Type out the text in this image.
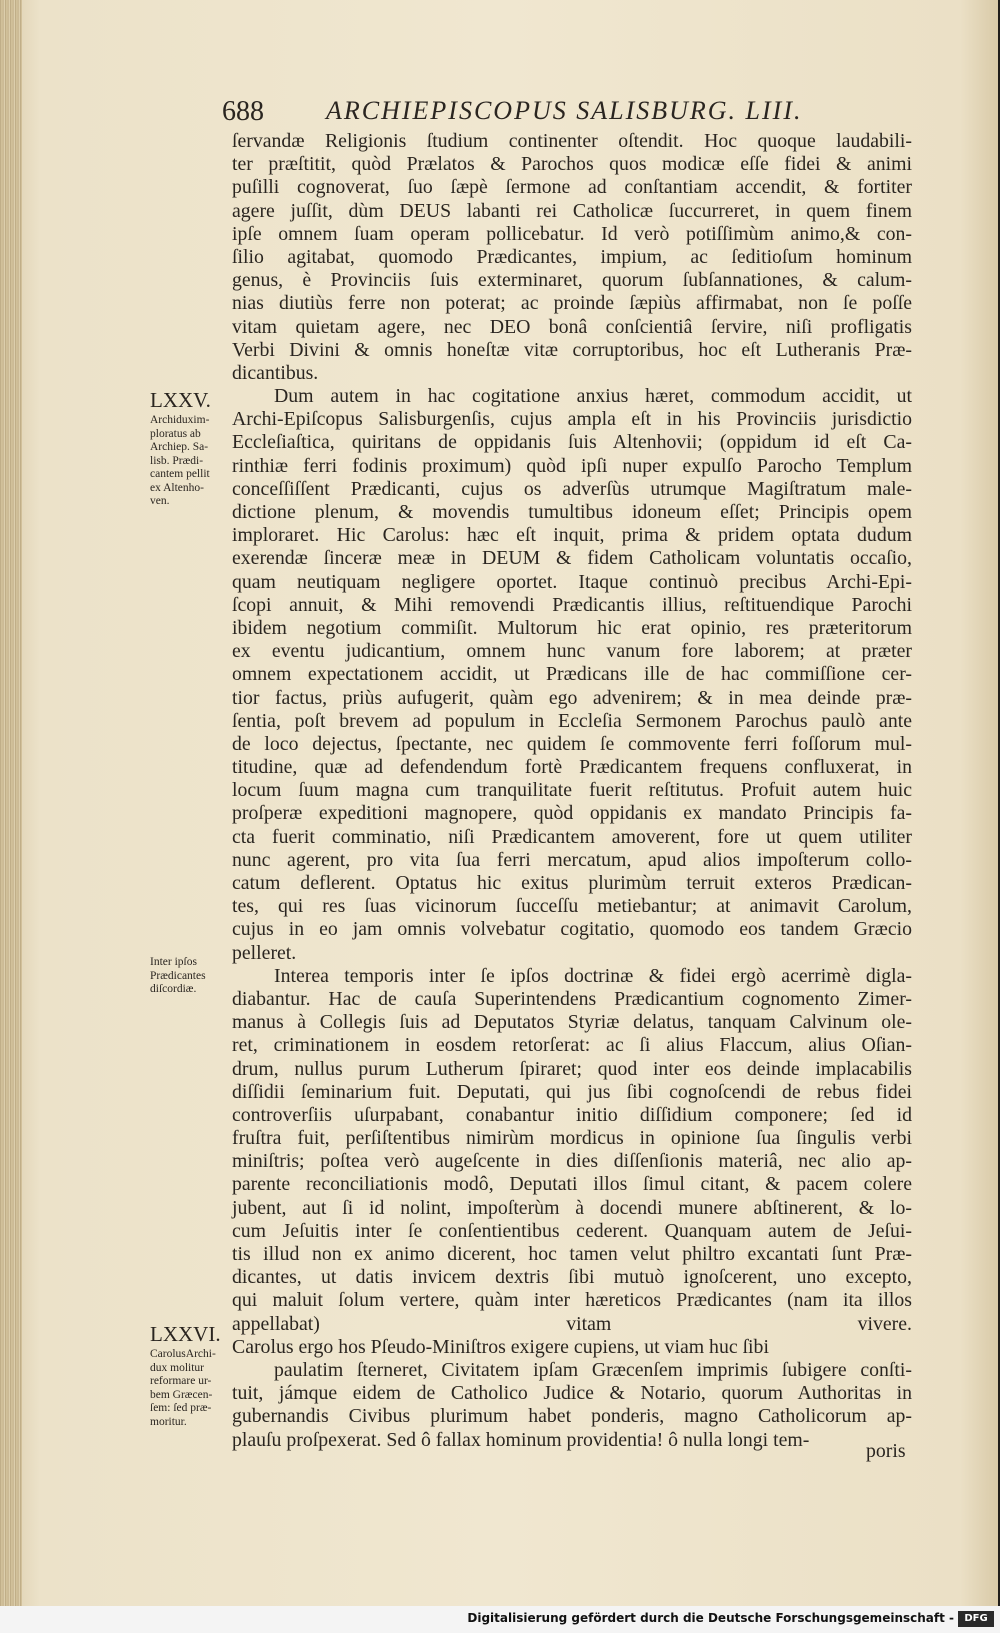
688 ARCHIEPISCOPUS SALISBURG. LIII.
LXXV.
Archiduxim-
ploratus ab
Archiep. Sa-
lisb. Prædi-
cantem pellit
ex Altenho-
ven.
Inter ipſos
Prædicantes
diſcordiæ.
LXXVI.
CarolusArchi-
dux molitur
reformare ur-
bem Græcen-
ſem: ſed præ-
moritur.
ſervandæ Religionis ſtudium continenter oſtendit. Hoc quoque laudabili-
ter præſtitit, quòd Prælatos & Parochos quos modicæ eſſe fidei & animi
puſilli cognoverat, ſuo ſæpè ſermone ad conſtantiam accendit, & fortiter
agere juſſit, dùm DEUS labanti rei Catholicæ ſuccurreret, in quem finem
ipſe omnem ſuam operam pollicebatur. Id verò potiſſimùm animo,& con-
ſilio agitabat, quomodo Prædicantes, impium, ac ſeditioſum hominum
genus, è Provinciis ſuis exterminaret, quorum ſubſannationes, & calum-
nias diutiùs ferre non poterat; ac proinde ſæpiùs affirmabat, non ſe poſſe
vitam quietam agere, nec DEO bonâ conſcientiâ ſervire, niſi profligatis
Verbi Divini & omnis honeſtæ vitæ corruptoribus, hoc eſt Lutheranis Præ-
dicantibus.
Dum autem in hac cogitatione anxius hæret, commodum accidit, ut
Archi-Epiſcopus Salisburgenſis, cujus ampla eſt in his Provinciis jurisdictio
Eccleſiaſtica, quiritans de oppidanis ſuis Altenhovii; (oppidum id eſt Ca-
rinthiæ ferri fodinis proximum) quòd ipſi nuper expulſo Parocho Templum
conceſſiſſent Prædicanti, cujus os adverſùs utrumque Magiſtratum male-
dictione plenum, & movendis tumultibus idoneum eſſet; Principis opem
imploraret. Hic Carolus: hæc eſt inquit, prima & pridem optata dudum
exerendæ ſinceræ meæ in DEUM & fidem Catholicam voluntatis occaſio,
quam neutiquam negligere oportet. Itaque continuò precibus Archi-Epi-
ſcopi annuit, & Mihi removendi Prædicantis illius, reſtituendique Parochi
ibidem negotium commiſit. Multorum hic erat opinio, res præteritorum
ex eventu judicantium, omnem hunc vanum fore laborem; at præter
omnem expectationem accidit, ut Prædicans ille de hac commiſſione cer-
tior factus, priùs aufugerit, quàm ego advenirem; & in mea deinde præ-
ſentia, poſt brevem ad populum in Eccleſia Sermonem Parochus paulò ante
de loco dejectus, ſpectante, nec quidem ſe commovente ferri foſſorum mul-
titudine, quæ ad defendendum fortè Prædicantem frequens confluxerat, in
locum ſuum magna cum tranquilitate fuerit reſtitutus. Profuit autem huic
proſperæ expeditioni magnopere, quòd oppidanis ex mandato Principis fa-
cta fuerit comminatio, niſi Prædicantem amoverent, fore ut quem utiliter
nunc agerent, pro vita ſua ferri mercatum, apud alios impoſterum collo-
catum deflerent. Optatus hic exitus plurimùm terruit exteros Prædican-
tes, qui res ſuas vicinorum ſucceſſu metiebantur; at animavit Carolum,
cujus in eo jam omnis volvebatur cogitatio, quomodo eos tandem Græcio
pelleret.
Interea temporis inter ſe ipſos doctrinæ & fidei ergò acerrimè digla-
diabantur. Hac de cauſa Superintendens Prædicantium cognomento Zimer-
manus à Collegis ſuis ad Deputatos Styriæ delatus, tanquam Calvinum ole-
ret, criminationem in eosdem retorſerat: ac ſi alius Flaccum, alius Oſian-
drum, nullus purum Lutherum ſpiraret; quod inter eos deinde implacabilis
diſſidii ſeminarium fuit. Deputati, qui jus ſibi cognoſcendi de rebus fidei
controverſiis uſurpabant, conabantur initio diſſidium componere; ſed id
fruſtra fuit, perſiſtentibus nimirùm mordicus in opinione ſua ſingulis verbi
miniſtris; poſtea verò augeſcente in dies diſſenſionis materiâ, nec alio ap-
parente reconciliationis modô, Deputati illos ſimul citant, & pacem colere
jubent, aut ſi id nolint, impoſterùm à docendi munere abſtinerent, & lo-
cum Jeſuitis inter ſe conſentientibus cederent. Quanquam autem de Jeſui-
tis illud non ex animo dicerent, hoc tamen velut philtro excantati ſunt Præ-
dicantes, ut datis invicem dextris ſibi mutuò ignoſcerent, uno excepto,
qui maluit ſolum vertere, quàm inter hæreticos Prædicantes (nam ita illos
appellabat) vitam vivere.
Carolus ergo hos Pſeudo-Miniſtros exigere cupiens, ut viam huc ſibi
paulatim ſterneret, Civitatem ipſam Græcenſem imprimis ſubigere conſti-
tuit, jámque eidem de Catholico Judice & Notario, quorum Authoritas in
gubernandis Civibus plurimum habet ponderis, magno Catholicorum ap-
plauſu proſpexerat. Sed ô fallax hominum providentia! ô nulla longi tem-
poris
Digitalisierung gefördert durch die Deutsche Forschungsgemeinschaft -	DFG
